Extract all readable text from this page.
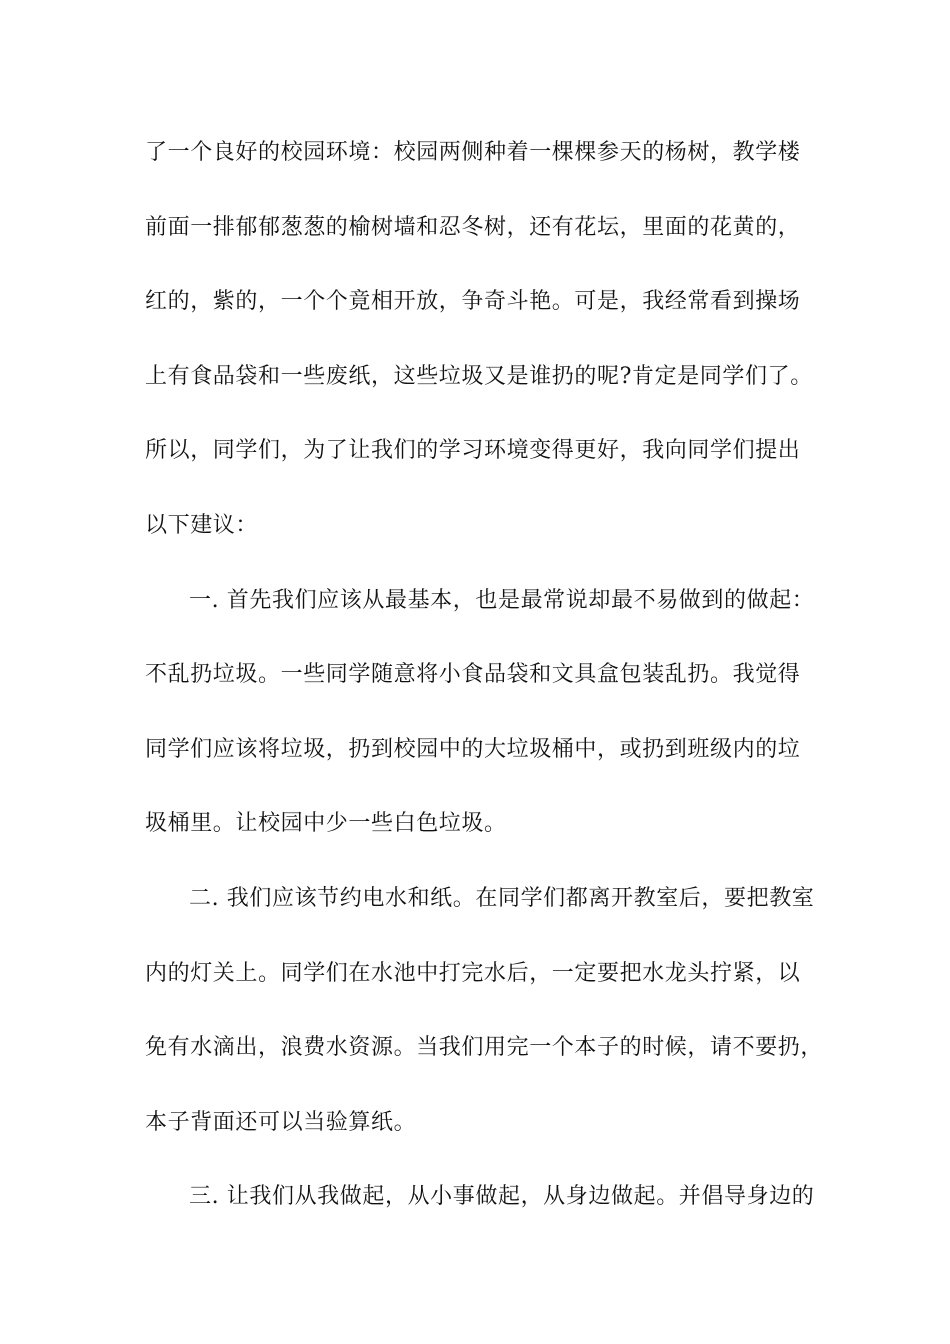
了一个良好的校园环境：校园两侧种着一棵棵参天的杨树，教学楼
前面一排郁郁葱葱的榆树墙和忍冬树，还有花坛，里面的花黄的，
红的，紫的，一个个竟相开放，争奇斗艳。可是，我经常看到操场
上有食品袋和一些废纸，这些垃圾又是谁扔的呢?肯定是同学们了。
所以，同学们，为了让我们的学习环境变得更好，我向同学们提出
以下建议：
一. 首先我们应该从最基本，也是最常说却最不易做到的做起：
不乱扔垃圾。一些同学随意将小食品袋和文具盒包装乱扔。我觉得
同学们应该将垃圾，扔到校园中的大垃圾桶中，或扔到班级内的垃
圾桶里。让校园中少一些白色垃圾。
二. 我们应该节约电水和纸。在同学们都离开教室后，要把教室
内的灯关上。同学们在水池中打完水后，一定要把水龙头拧紧，以
免有水滴出，浪费水资源。当我们用完一个本子的时候，请不要扔，
本子背面还可以当验算纸。
三. 让我们从我做起，从小事做起，从身边做起。并倡导身边的
